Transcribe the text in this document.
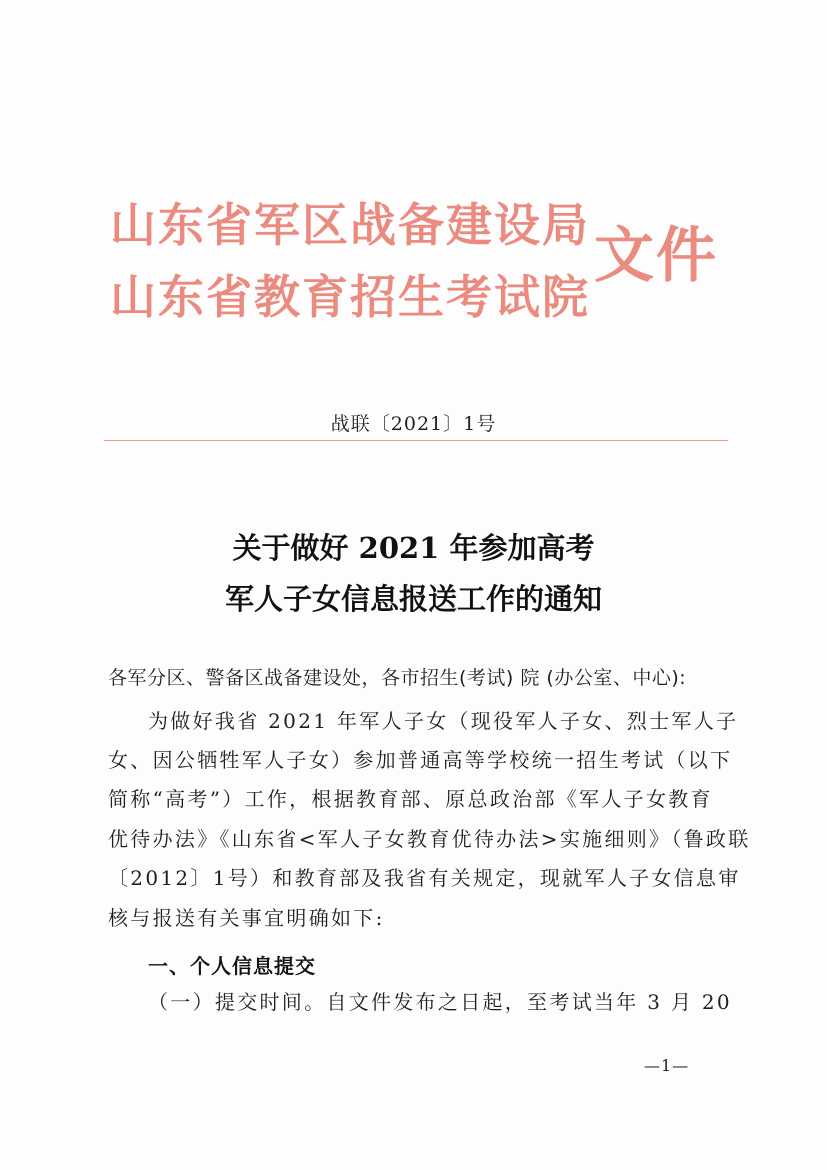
山东省军区战备建设局
山东省教育招生考试院
文件
战联〔2021〕1号
关于做好 2021 年参加高考
军人子女信息报送工作的通知
各军分区、警备区战备建设处，各市招生(考试) 院 (办公室、中心):
为做好我省 2021 年军人子女（现役军人子女、烈士军人子
女、因公牺牲军人子女）参加普通高等学校统一招生考试（以下
简称“高考”）工作，根据教育部、原总政治部《军人子女教育
优待办法》《山东省<军人子女教育优待办法>实施细则》（鲁政联
〔2012〕1号）和教育部及我省有关规定，现就军人子女信息审
核与报送有关事宜明确如下:
一、个人信息提交
（一）提交时间。自文件发布之日起，至考试当年 3 月 20
—1—
